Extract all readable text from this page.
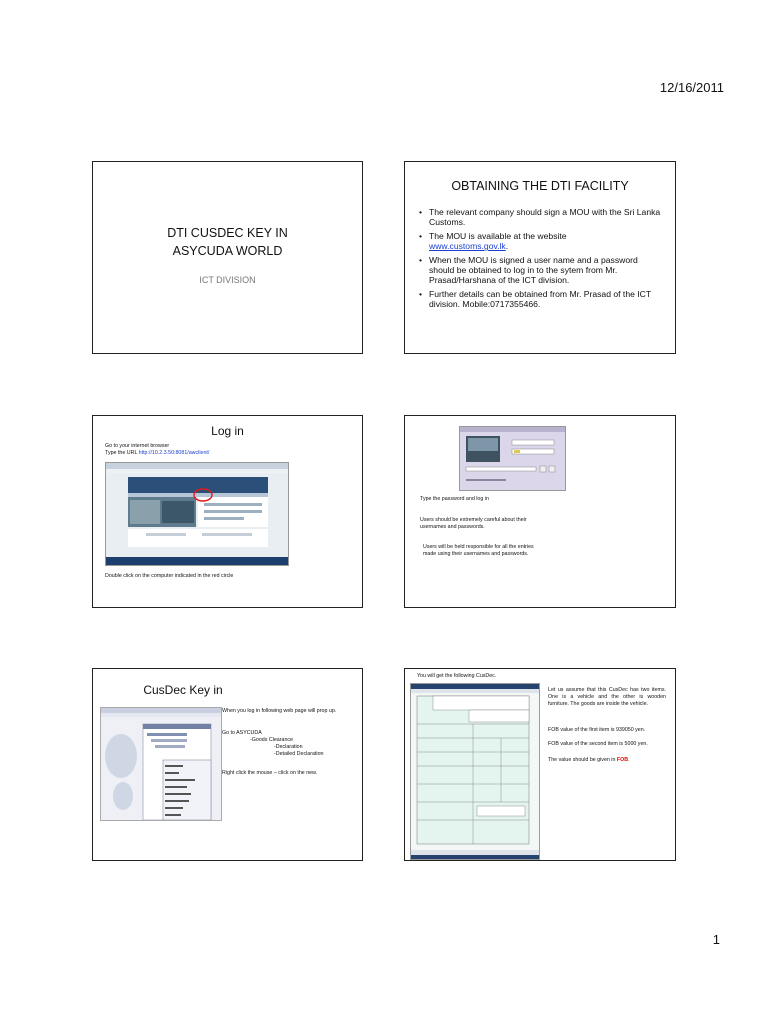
12/16/2011
DTI CUSDEC KEY IN
ASYCUDA WORLD
ICT DIVISION
OBTAINING THE DTI FACILITY
• The relevant company should sign a MOU with the Sri Lanka Customs.
• The MOU is available at the website
www.customs.gov.lk.
• When the MOU is signed a user name and a password should be obtained to log in to the sytem from Mr. Prasad/Harshana of the ICT division.
• Further details can be obtained from Mr. Prasad of the ICT division. Mobile:0717355466.
Log in
Go to your internet browser
Type the URL http://10.2.3.50:8081/awclient/
Double click on the computer indicated in the red circle
Type the password and log in
Users should be extremely careful about their usernames and passwords.
Users will be held responsible for all the entries made using their usernames and passwords.
CusDec Key in
When you log in following web page will prop up.
Go to ASYCUDA
-Goods Clearance
-Declaration
-Detailed Declaration
Right click the mouse – click on the new.
You will get the following CusDec.
Let us assume that this CusDec has two items. One is a vehicle and the other is wooden furniture. The goods are inside the vehicle.
FOB value of the first item is 939050 yen.
FOB value of the second item is 5000 yen.
The value should be given in FOB.
1
